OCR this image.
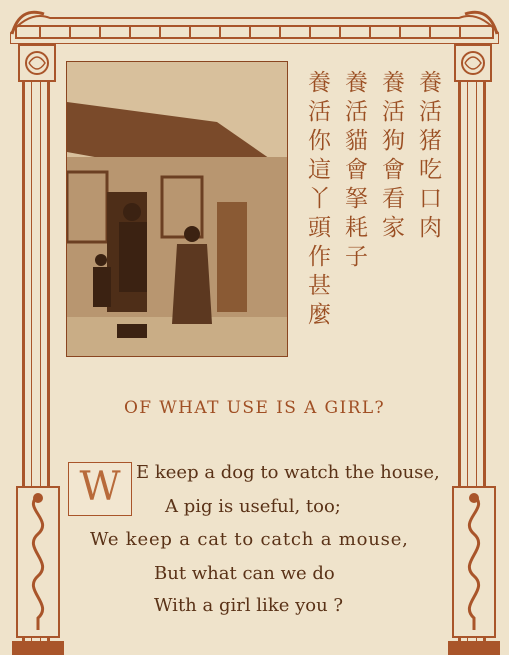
養活猪吃口肉
養活狗會看家
養活貓會拏耗子
養活你這丫頭作甚麼
OF WHAT USE IS A GIRL?
W E keep a dog to watch the house,
A pig is useful, too;
We keep a cat to catch a mouse,
But what can we do
With a girl like you ?
